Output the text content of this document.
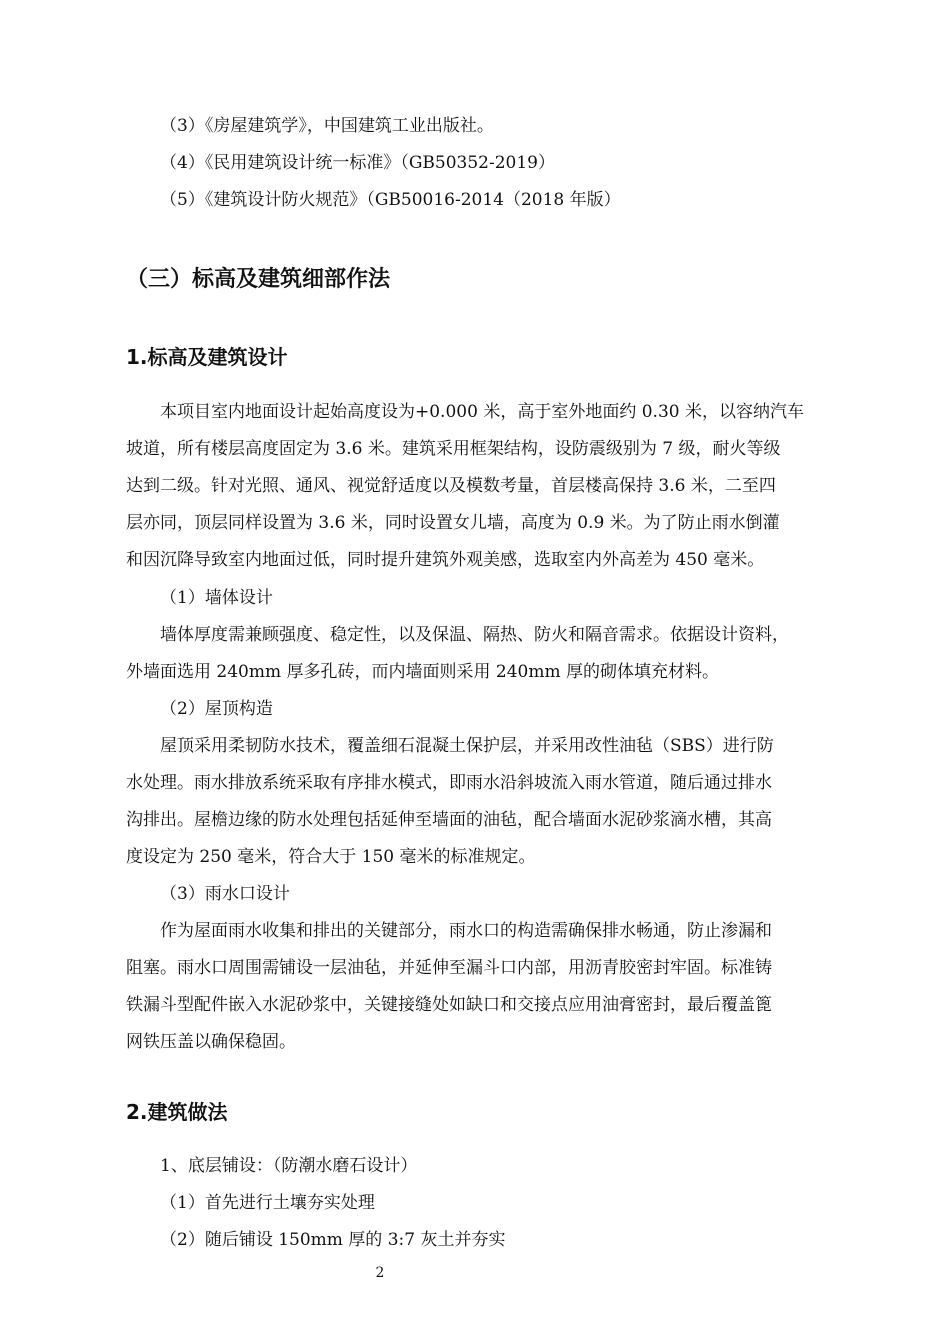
（3）《房屋建筑学》，中国建筑工业出版社。
（4）《民用建筑设计统一标准》（GB50352-2019）
（5）《建筑设计防火规范》（GB50016-2014（2018 年版）
（三）标高及建筑细部作法
1.标高及建筑设计
本项目室内地面设计起始高度设为+0.000 米，高于室外地面约 0.30 米，以容纳汽车
坡道，所有楼层高度固定为 3.6 米。建筑采用框架结构，设防震级别为 7 级，耐火等级
达到二级。针对光照、通风、视觉舒适度以及模数考量，首层楼高保持 3.6 米，二至四
层亦同，顶层同样设置为 3.6 米，同时设置女儿墙，高度为 0.9 米。为了防止雨水倒灌
和因沉降导致室内地面过低，同时提升建筑外观美感，选取室内外高差为 450 毫米。
（1）墙体设计
墙体厚度需兼顾强度、稳定性，以及保温、隔热、防火和隔音需求。依据设计资料，
外墙面选用 240mm 厚多孔砖，而内墙面则采用 240mm 厚的砌体填充材料。
（2）屋顶构造
屋顶采用柔韧防水技术，覆盖细石混凝土保护层，并采用改性油毡（SBS）进行防
水处理。雨水排放系统采取有序排水模式，即雨水沿斜坡流入雨水管道，随后通过排水
沟排出。屋檐边缘的防水处理包括延伸至墙面的油毡，配合墙面水泥砂浆滴水槽，其高
度设定为 250 毫米，符合大于 150 毫米的标准规定。
（3）雨水口设计
作为屋面雨水收集和排出的关键部分，雨水口的构造需确保排水畅通，防止渗漏和
阻塞。雨水口周围需铺设一层油毡，并延伸至漏斗口内部，用沥青胶密封牢固。标准铸
铁漏斗型配件嵌入水泥砂浆中，关键接缝处如缺口和交接点应用油膏密封，最后覆盖篦
网铁压盖以确保稳固。
2.建筑做法
1、底层铺设：（防潮水磨石设计）
（1）首先进行土壤夯实处理
（2）随后铺设 150mm 厚的 3:7 灰土并夯实
2
